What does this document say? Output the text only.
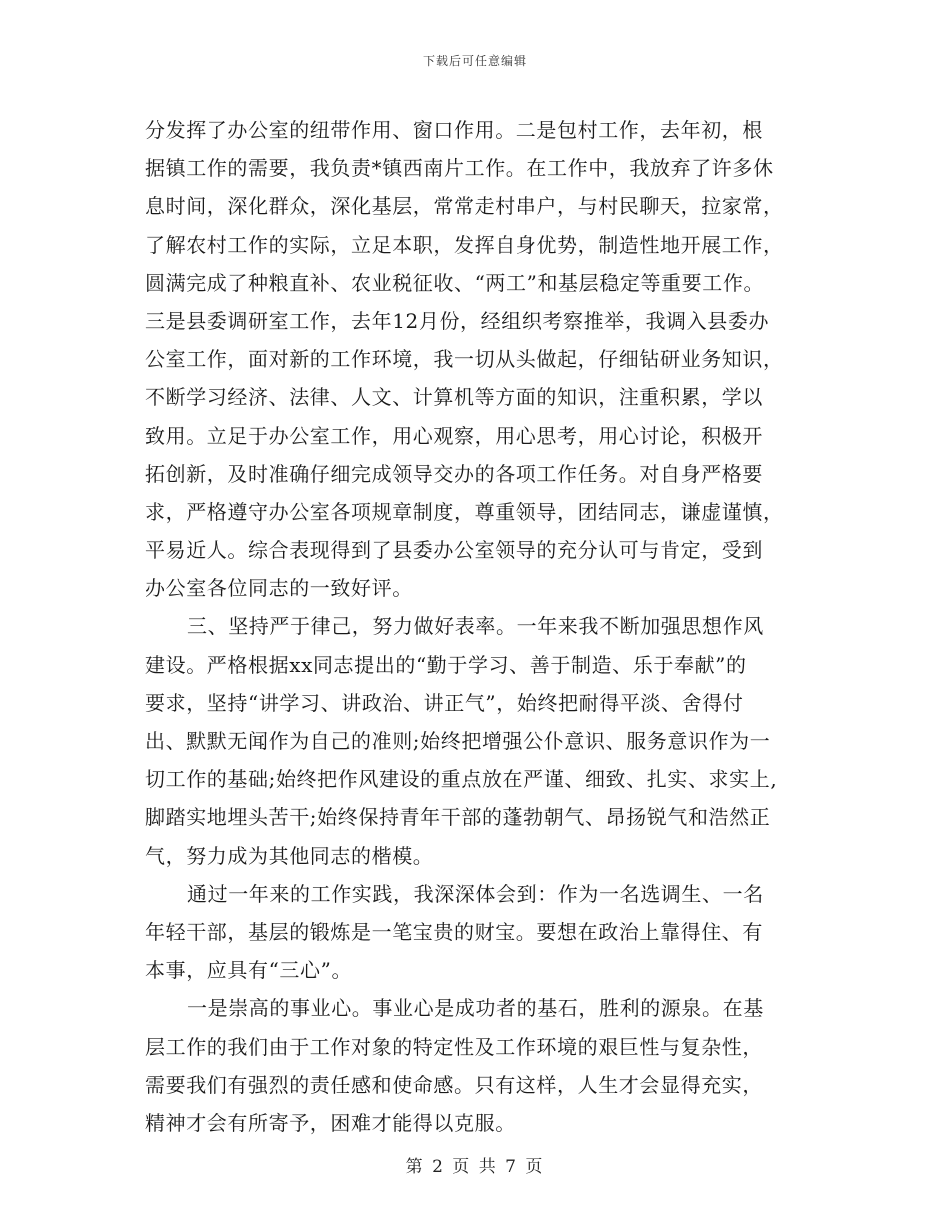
下载后可任意编辑
分发挥了办公室的纽带作用、窗口作用。二是包村工作，去年初，根
据镇工作的需要，我负责*镇西南片工作。在工作中，我放弃了许多休
息时间，深化群众，深化基层，常常走村串户，与村民聊天，拉家常，
了解农村工作的实际，立足本职，发挥自身优势，制造性地开展工作，
圆满完成了种粮直补、农业税征收、“两工”和基层稳定等重要工作。
三是县委调研室工作，去年12月份，经组织考察推举，我调入县委办
公室工作，面对新的工作环境，我一切从头做起，仔细钻研业务知识，
不断学习经济、法律、人文、计算机等方面的知识，注重积累，学以
致用。立足于办公室工作，用心观察，用心思考，用心讨论，积极开
拓创新，及时准确仔细完成领导交办的各项工作任务。对自身严格要
求，严格遵守办公室各项规章制度，尊重领导，团结同志，谦虚谨慎，
平易近人。综合表现得到了县委办公室领导的充分认可与肯定，受到
办公室各位同志的一致好评。
三、坚持严于律己，努力做好表率。一年来我不断加强思想作风
建设。严格根据xx同志提出的“勤于学习、善于制造、乐于奉献”的
要求，坚持“讲学习、讲政治、讲正气”，始终把耐得平淡、舍得付
出、默默无闻作为自己的准则;始终把增强公仆意识、服务意识作为一
切工作的基础;始终把作风建设的重点放在严谨、细致、扎实、求实上,
脚踏实地埋头苦干;始终保持青年干部的蓬勃朝气、昂扬锐气和浩然正
气，努力成为其他同志的楷模。
通过一年来的工作实践，我深深体会到：作为一名选调生、一名
年轻干部，基层的锻炼是一笔宝贵的财宝。要想在政治上靠得住、有
本事，应具有“三心”。
一是崇高的事业心。事业心是成功者的基石，胜利的源泉。在基
层工作的我们由于工作对象的特定性及工作环境的艰巨性与复杂性，
需要我们有强烈的责任感和使命感。只有这样，人生才会显得充实，
精神才会有所寄予，困难才能得以克服。
第 2 页 共 7 页
